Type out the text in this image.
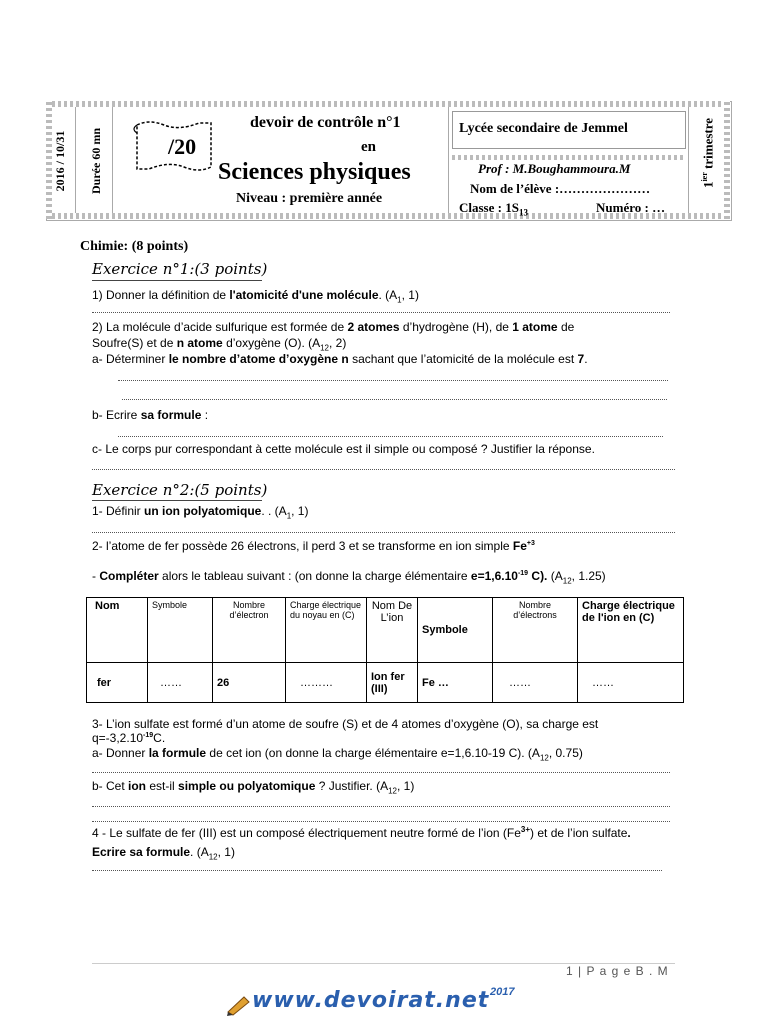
2016 / 10/31 Durée 60 mn	/20
devoir de contrôle n°1
en
Sciences physiques
Niveau : première année
Lycée secondaire de Jemmel
Prof : M.Boughammoura.M
Nom de l’élève :…………………
Classe : $1S_{13}$	Numéro : …
$1^{ier}$ trimestre
Chimie: (8 points)
Exercice n°1:(3 points)
1) Donner la définition de l'atomicité d'une molécule. ($A_1$, 1)
2) La molécule d’acide sulfurique est formée de 2 atomes d’hydrogène (H), de 1 atome de
Soufre(S) et de n atome d’oxygène (O). ($A_{12}$, 2)
a- Déterminer le nombre d’atome d’oxygène n sachant que l’atomicité de la molécule est 7.
b- Ecrire sa formule :
c- Le corps pur correspondant à cette molécule est il simple ou composé ? Justifier la réponse.
Exercice n°2:(5 points)
1- Définir un ion polyatomique. . ($A_1$, 1)
2- l’atome de fer possède 26 électrons, il perd 3 et se transforme en ion simple $Fe^{+3}$
- Compléter alors le tableau suivant : (on donne la charge élémentaire $e=1,6.10^{-19}$ C). ($A_{12}$, 1.25)
Nom	Symbole	Nombre d’électron	Charge électrique du noyau en (C)	Nom De L’ion	Symbole	Nombre d’électrons	Charge électrique de l'ion en (C)
fer	……	26	………	Ion fer (III)	Fe …	……	……
3- L’ion sulfate est formé d’un atome de soufre (S) et de 4 atomes d’oxygène (O), sa charge est
$q=-3,2.10^{-19}C$.
a- Donner la formule de cet ion (on donne la charge élémentaire e=1,6.10-19 C). ($A_{12}$, 0.75)
b- Cet ion est-il simple ou polyatomique ? Justifier. ($A_{12}$, 1)
4 - Le sulfate de fer (III) est un composé électriquement neutre formé de l’ion $(Fe^{3+})$ et de l’ion sulfate.
Ecrire sa formule. ($A_{12}$, 1)
1 | P a g e B . M
www.devoirat.net 2017
